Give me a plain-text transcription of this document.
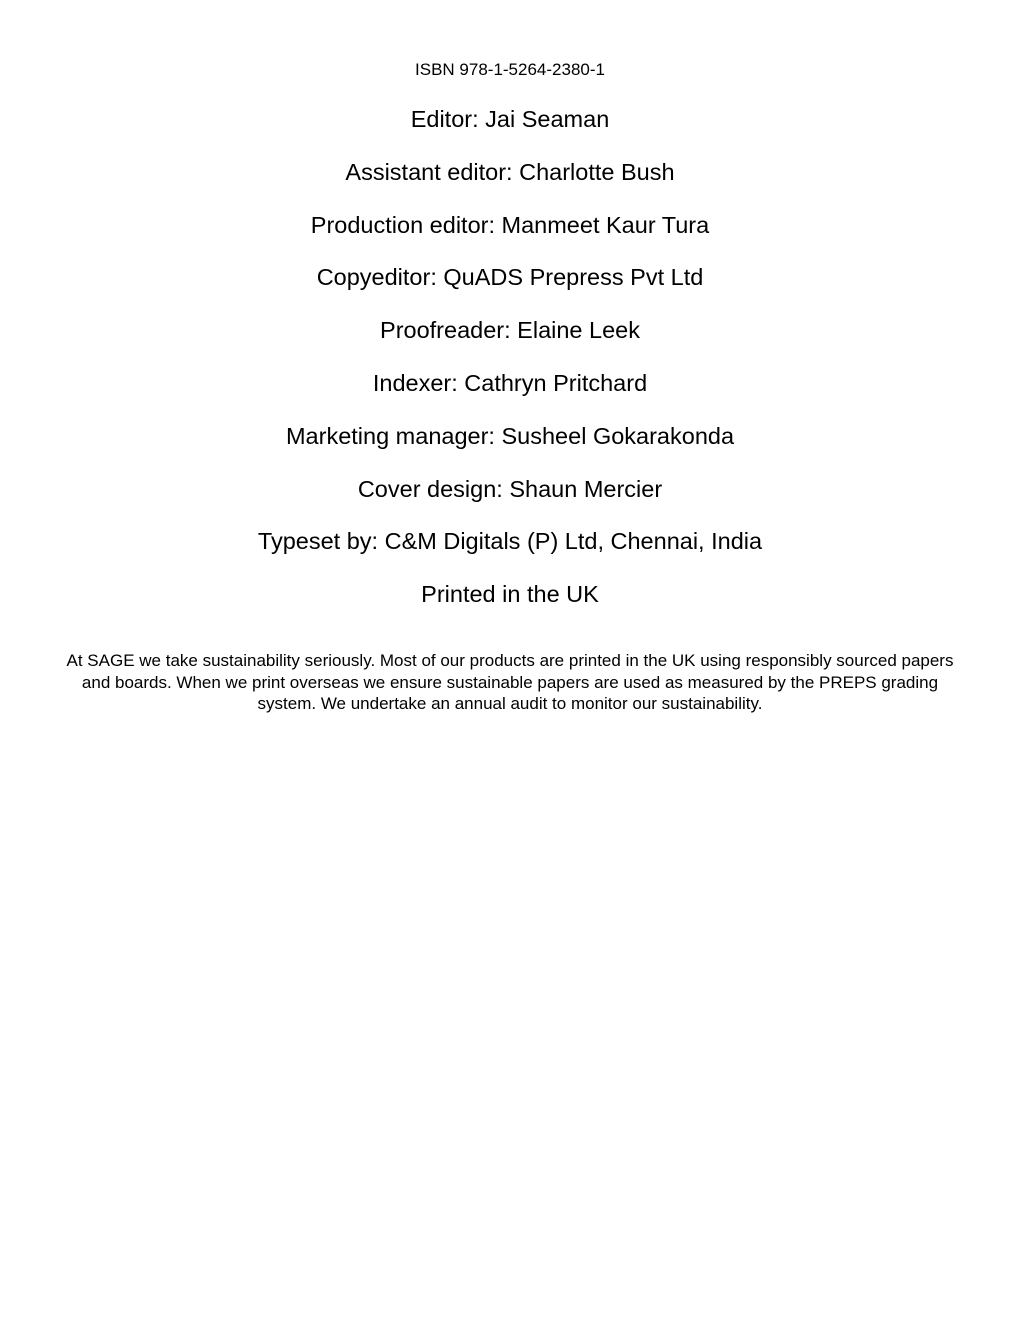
ISBN 978-1-5264-2380-1
Editor: Jai Seaman
Assistant editor: Charlotte Bush
Production editor: Manmeet Kaur Tura
Copyeditor: QuADS Prepress Pvt Ltd
Proofreader: Elaine Leek
Indexer: Cathryn Pritchard
Marketing manager: Susheel Gokarakonda
Cover design: Shaun Mercier
Typeset by: C&M Digitals (P) Ltd, Chennai, India
Printed in the UK

At SAGE we take sustainability seriously. Most of our products are printed in the UK using responsibly sourced papers and boards. When we print overseas we ensure sustainable papers are used as measured by the PREPS grading system. We undertake an annual audit to monitor our sustainability.
